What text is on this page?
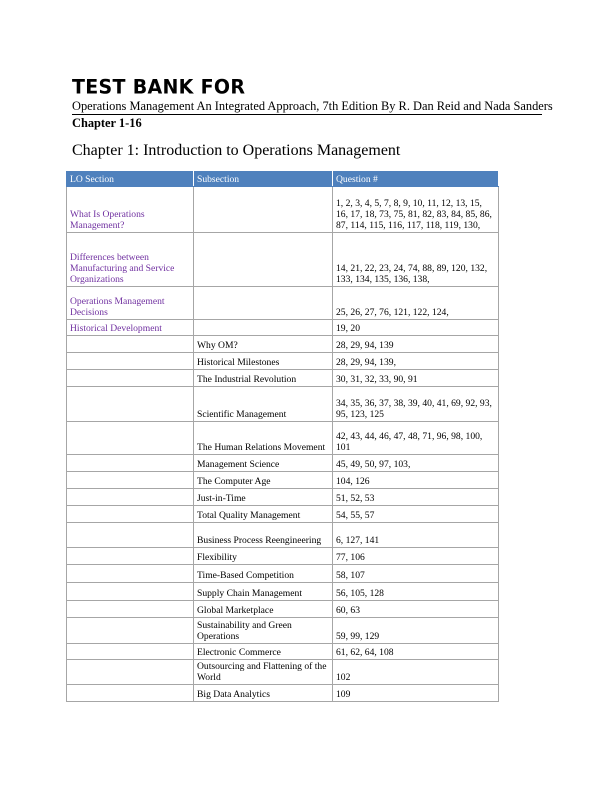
TEST BANK FOR
Operations Management An Integrated Approach, 7th Edition By R. Dan Reid and Nada Sanders
Chapter 1-16
Chapter 1: Introduction to Operations Management
LO Section	Subsection	Question #
What Is Operations Management?		1, 2, 3, 4, 5, 7, 8, 9, 10, 11, 12, 13, 15, 16, 17, 18, 73, 75, 81, 82, 83, 84, 85, 86, 87, 114, 115, 116, 117, 118, 119, 130,
Differences between Manufacturing and Service Organizations		14, 21, 22, 23, 24, 74, 88, 89, 120, 132, 133, 134, 135, 136, 138,
Operations Management Decisions		25, 26, 27, 76, 121, 122, 124,
Historical Development		19, 20
	Why OM?	28, 29, 94, 139
	Historical Milestones	28, 29, 94, 139,
	The Industrial Revolution	30, 31, 32, 33, 90, 91
	Scientific Management	34, 35, 36, 37, 38, 39, 40, 41, 69, 92, 93, 95, 123, 125
	The Human Relations Movement	42, 43, 44, 46, 47, 48, 71, 96, 98, 100, 101
	Management Science	45, 49, 50, 97, 103,
	The Computer Age	104, 126
	Just-in-Time	51, 52, 53
	Total Quality Management	54, 55, 57
	Business Process Reengineering	6, 127, 141
	Flexibility	77, 106
	Time-Based Competition	58, 107
	Supply Chain Management	56, 105, 128
	Global Marketplace	60, 63
	Sustainability and Green Operations	59, 99, 129
	Electronic Commerce	61, 62, 64, 108
	Outsourcing and Flattening of the World	102
	Big Data Analytics	109
